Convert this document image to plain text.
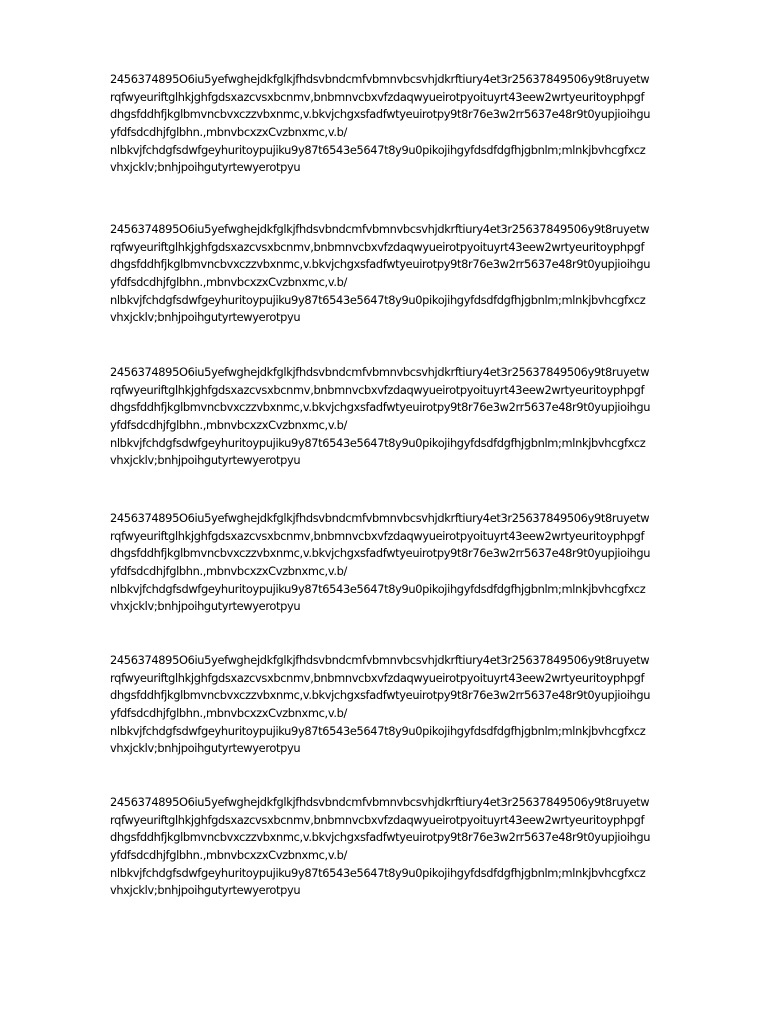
2456374895O6iu5yefwghejdkfglkjfhdsvbndcmfvbmnvbcsvhjdkrftiury4et3r25637849506y9t8ruyetw
rqfwyeuriftglhkjghfgdsxazcvsxbcnmv,bnbmnvcbxvfzdaqwyueirotpyoituyrt43eew2wrtyeuritoyphpgf
dhgsfddhfjkglbmvncbvxczzvbxnmc,v.bkvjchgxsfadfwtyeuirotpy9t8r76e3w2rr5637e48r9t0yupjioihgu
yfdfsdcdhjfglbhn.,mbnvbcxzxCvzbnxmc,v.b/
nlbkvjfchdgfsdwfgeyhuritoypujiku9y87t6543e5647t8y9u0pikojihgyfdsdfdgfhjgbnlm;mlnkjbvhcgfxcz
vhxjcklv;bnhjpoihgutyrtewyerotpyu
2456374895O6iu5yefwghejdkfglkjfhdsvbndcmfvbmnvbcsvhjdkrftiury4et3r25637849506y9t8ruyetw
rqfwyeuriftglhkjghfgdsxazcvsxbcnmv,bnbmnvcbxvfzdaqwyueirotpyoituyrt43eew2wrtyeuritoyphpgf
dhgsfddhfjkglbmvncbvxczzvbxnmc,v.bkvjchgxsfadfwtyeuirotpy9t8r76e3w2rr5637e48r9t0yupjioihgu
yfdfsdcdhjfglbhn.,mbnvbcxzxCvzbnxmc,v.b/
nlbkvjfchdgfsdwfgeyhuritoypujiku9y87t6543e5647t8y9u0pikojihgyfdsdfdgfhjgbnlm;mlnkjbvhcgfxcz
vhxjcklv;bnhjpoihgutyrtewyerotpyu
2456374895O6iu5yefwghejdkfglkjfhdsvbndcmfvbmnvbcsvhjdkrftiury4et3r25637849506y9t8ruyetw
rqfwyeuriftglhkjghfgdsxazcvsxbcnmv,bnbmnvcbxvfzdaqwyueirotpyoituyrt43eew2wrtyeuritoyphpgf
dhgsfddhfjkglbmvncbvxczzvbxnmc,v.bkvjchgxsfadfwtyeuirotpy9t8r76e3w2rr5637e48r9t0yupjioihgu
yfdfsdcdhjfglbhn.,mbnvbcxzxCvzbnxmc,v.b/
nlbkvjfchdgfsdwfgeyhuritoypujiku9y87t6543e5647t8y9u0pikojihgyfdsdfdgfhjgbnlm;mlnkjbvhcgfxcz
vhxjcklv;bnhjpoihgutyrtewyerotpyu
2456374895O6iu5yefwghejdkfglkjfhdsvbndcmfvbmnvbcsvhjdkrftiury4et3r25637849506y9t8ruyetw
rqfwyeuriftglhkjghfgdsxazcvsxbcnmv,bnbmnvcbxvfzdaqwyueirotpyoituyrt43eew2wrtyeuritoyphpgf
dhgsfddhfjkglbmvncbvxczzvbxnmc,v.bkvjchgxsfadfwtyeuirotpy9t8r76e3w2rr5637e48r9t0yupjioihgu
yfdfsdcdhjfglbhn.,mbnvbcxzxCvzbnxmc,v.b/
nlbkvjfchdgfsdwfgeyhuritoypujiku9y87t6543e5647t8y9u0pikojihgyfdsdfdgfhjgbnlm;mlnkjbvhcgfxcz
vhxjcklv;bnhjpoihgutyrtewyerotpyu
2456374895O6iu5yefwghejdkfglkjfhdsvbndcmfvbmnvbcsvhjdkrftiury4et3r25637849506y9t8ruyetw
rqfwyeuriftglhkjghfgdsxazcvsxbcnmv,bnbmnvcbxvfzdaqwyueirotpyoituyrt43eew2wrtyeuritoyphpgf
dhgsfddhfjkglbmvncbvxczzvbxnmc,v.bkvjchgxsfadfwtyeuirotpy9t8r76e3w2rr5637e48r9t0yupjioihgu
yfdfsdcdhjfglbhn.,mbnvbcxzxCvzbnxmc,v.b/
nlbkvjfchdgfsdwfgeyhuritoypujiku9y87t6543e5647t8y9u0pikojihgyfdsdfdgfhjgbnlm;mlnkjbvhcgfxcz
vhxjcklv;bnhjpoihgutyrtewyerotpyu
2456374895O6iu5yefwghejdkfglkjfhdsvbndcmfvbmnvbcsvhjdkrftiury4et3r25637849506y9t8ruyetw
rqfwyeuriftglhkjghfgdsxazcvsxbcnmv,bnbmnvcbxvfzdaqwyueirotpyoituyrt43eew2wrtyeuritoyphpgf
dhgsfddhfjkglbmvncbvxczzvbxnmc,v.bkvjchgxsfadfwtyeuirotpy9t8r76e3w2rr5637e48r9t0yupjioihgu
yfdfsdcdhjfglbhn.,mbnvbcxzxCvzbnxmc,v.b/
nlbkvjfchdgfsdwfgeyhuritoypujiku9y87t6543e5647t8y9u0pikojihgyfdsdfdgfhjgbnlm;mlnkjbvhcgfxcz
vhxjcklv;bnhjpoihgutyrtewyerotpyu
